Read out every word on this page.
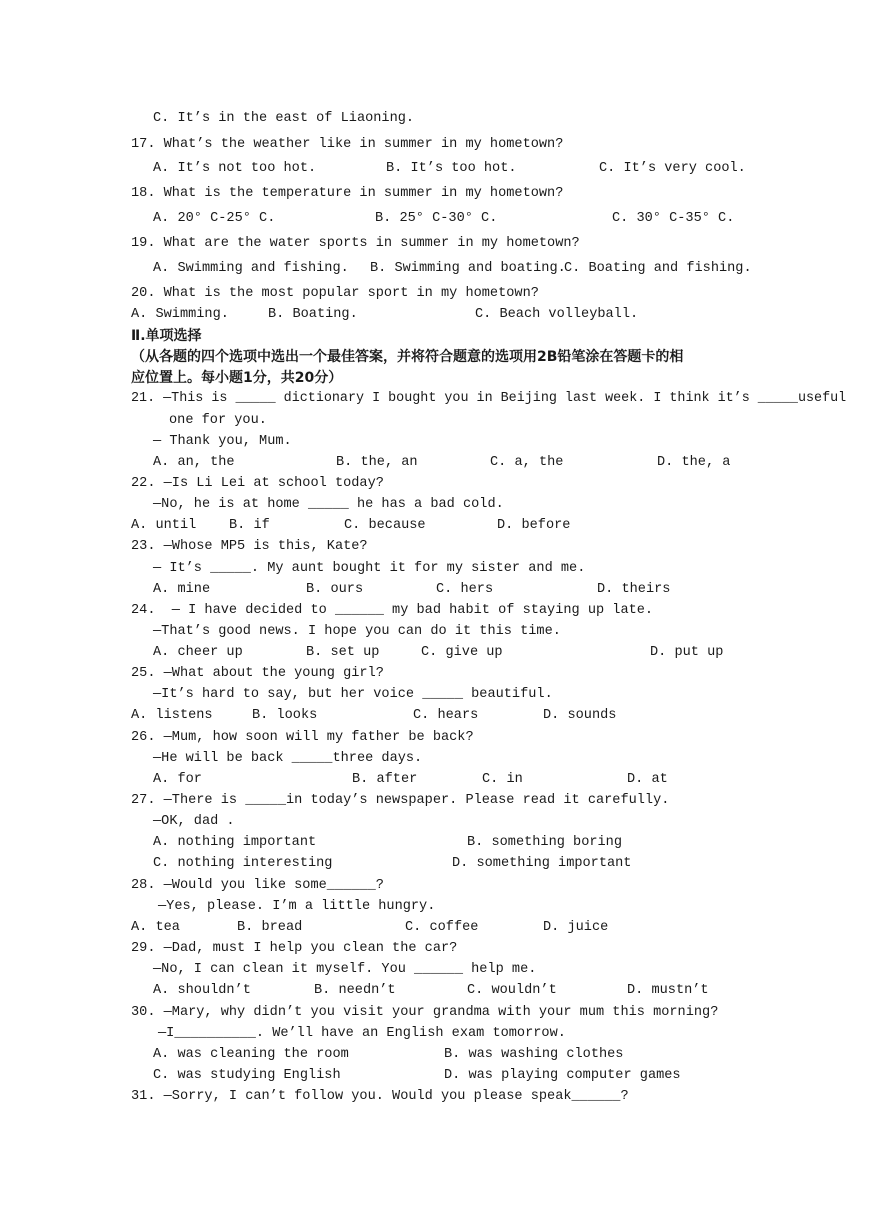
C. It’s in the east of Liaoning.
17. What’s the weather like in summer in my hometown?
A. It’s not too hot.	B. It’s too hot.	C. It’s very cool.
18. What is the temperature in summer in my hometown?
A. 20° C-25° C.	B. 25° C-30° C.	C. 30° C-35° C.
19. What are the water sports in summer in my hometown?
A. Swimming and fishing. B. Swimming and boating.
C. Boating and fishing.
20. What is the most popular sport in my hometown?
A. Swimming.	B. Boating.	C. Beach volleyball.
Ⅱ.单项选择
（从各题的四个选项中选出一个最佳答案，并将符合题意的选项用2B铅笔涂在答题卡的相
应位置上。每小题1分，共20分）
21. —This is _____ dictionary I bought you in Beijing last week. I think it’s _____useful
one for you.
— Thank you, Mum.
A. an, the	B. the, an	C. a, the	D. the, a
22. —Is Li Lei at school today?
—No, he is at home _____ he has a bad cold.
A. until B. if	C. because	D. before
23. —Whose MP5 is this, Kate?
— It’s _____. My aunt bought it for my sister and me.
A. mine	B. ours	C. hers	D. theirs
24.  — I have decided to ______ my bad habit of staying up late.
—That’s good news. I hope you can do it this time.
A. cheer up	B. set up	C. give up	D. put up
25. —What about the young girl?
—It’s hard to say, but her voice _____ beautiful.
A. listens	B. looks	C. hears	D. sounds
26. —Mum, how soon will my father be back?
—He will be back _____three days.
A. for	B. after	C. in	D. at
27. —There is _____in today’s newspaper. Please read it carefully.
—OK, dad .
A. nothing important	B. something boring
C. nothing interesting	D. something important
28. —Would you like some______?
—Yes, please. I’m a little hungry.
A. tea	B. bread	C. coffee	D. juice
29. —Dad, must I help you clean the car?
—No, I can clean it myself. You ______ help me.
A. shouldn’t	B. needn’t	C. wouldn’t	D. mustn’t
30. —Mary, why didn’t you visit your grandma with your mum this morning?
—I__________. We’ll have an English exam tomorrow.
A. was cleaning the room	B. was washing clothes
C. was studying English	D. was playing computer games
31. —Sorry, I can’t follow you. Would you please speak______?
